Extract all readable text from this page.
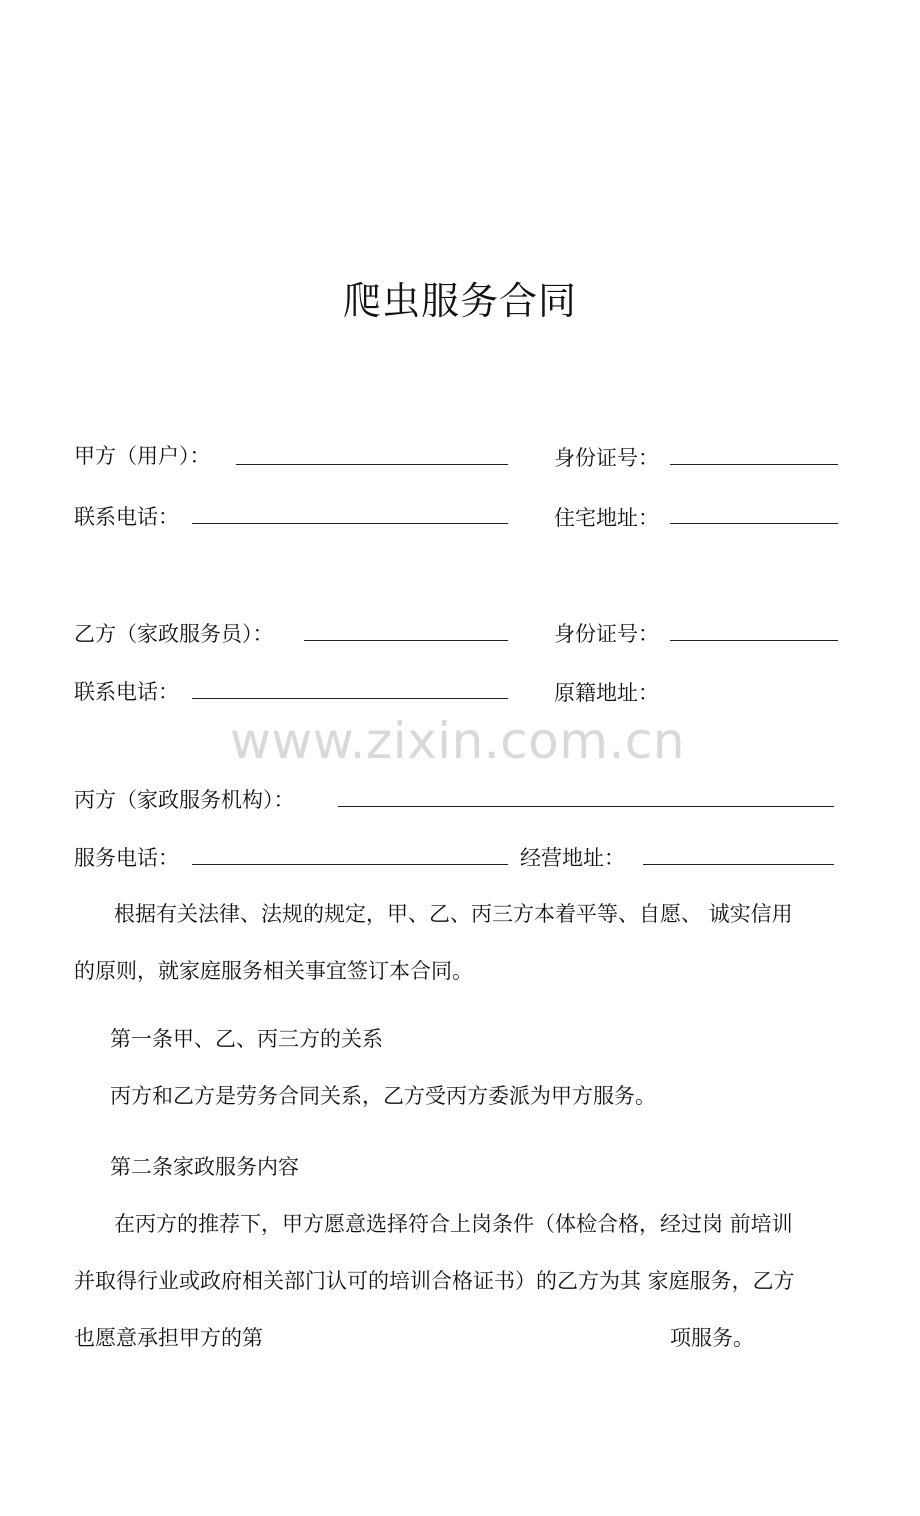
www.zixin.com.cn
爬虫服务合同
甲方（用户）：	身份证号：
联系电话：	住宅地址：
乙方（家政服务员）：	身份证号：
联系电话：	原籍地址：
丙方（家政服务机构）：
服务电话：	经营地址：
根据有关法律、法规的规定，甲、乙、丙三方本着平等、自愿、 诚实信用
的原则，就家庭服务相关事宜签订本合同。
第一条甲、乙、丙三方的关系
丙方和乙方是劳务合同关系，乙方受丙方委派为甲方服务。
第二条家政服务内容
在丙方的推荐下，甲方愿意选择符合上岗条件（体检合格，经过岗 前培训
并取得行业或政府相关部门认可的培训合格证书）的乙方为其 家庭服务，乙方
也愿意承担甲方的第	项服务。
